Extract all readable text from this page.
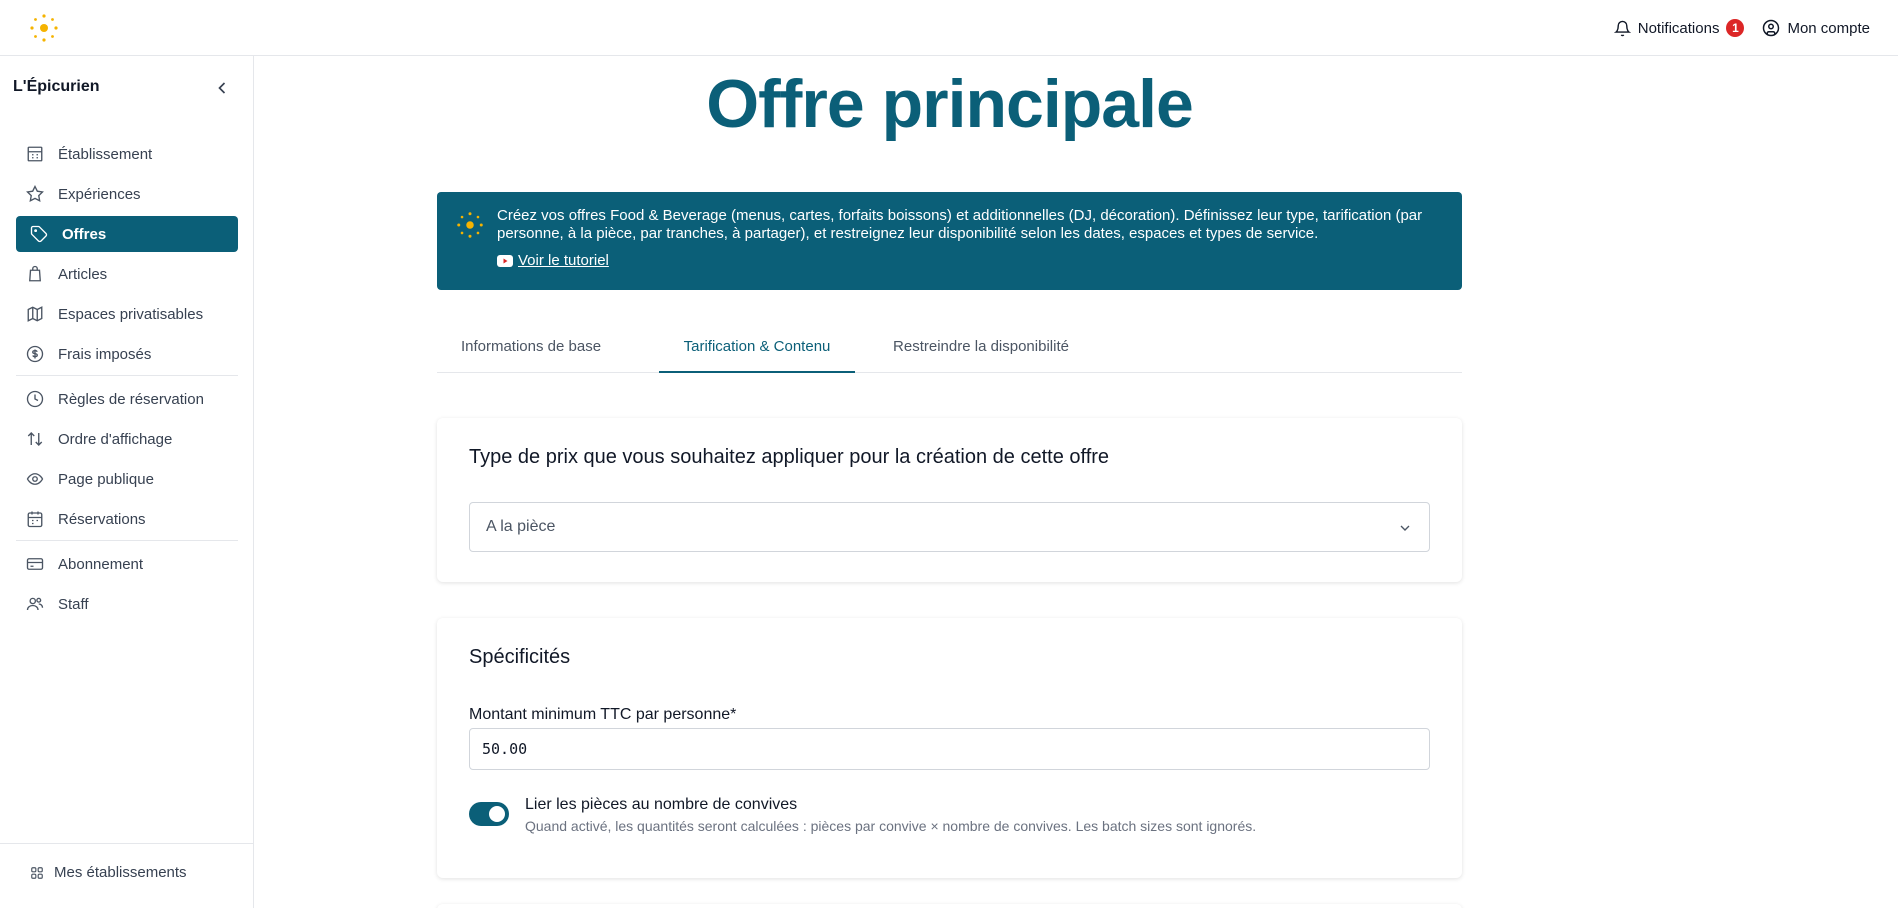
Notifications	1	Mon compte
L'Épicurien
Établissement
Expériences
Offres
Articles
Espaces privatisables
Frais imposés
Règles de réservation
Ordre d'affichage
Page publique
Réservations
Abonnement
Staff
Mes établissements
Offre principale
Créez vos offres Food & Beverage (menus, cartes, forfaits boissons) et additionnelles (DJ, décoration). Définissez leur type, tarification (par personne, à la pièce, par tranches, à partager), et restreignez leur disponibilité selon les dates, espaces et types de service.
Voir le tutoriel
Informations de base	Tarification & Contenu	Restreindre la disponibilité
Type de prix que vous souhaitez appliquer pour la création de cette offre
A la pièce
Spécificités
Montant minimum TTC par personne*
50.00
Lier les pièces au nombre de convives
Quand activé, les quantités seront calculées : pièces par convive × nombre de convives. Les batch sizes sont ignorés.
